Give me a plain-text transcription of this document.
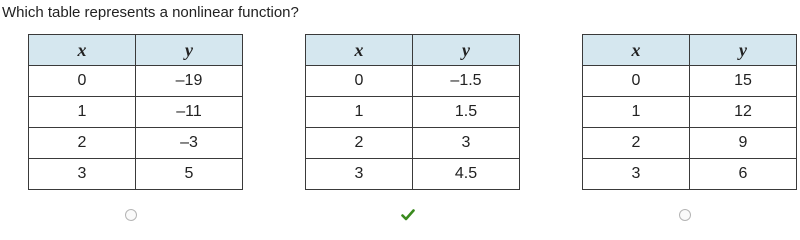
Which table represents a nonlinear function?
x	y
0	–19
1	–11
2	–3
3	5
x	y
0	–1.5
1	1.5
2	3
3	4.5
x	y
0	15
1	12
2	9
3	6
